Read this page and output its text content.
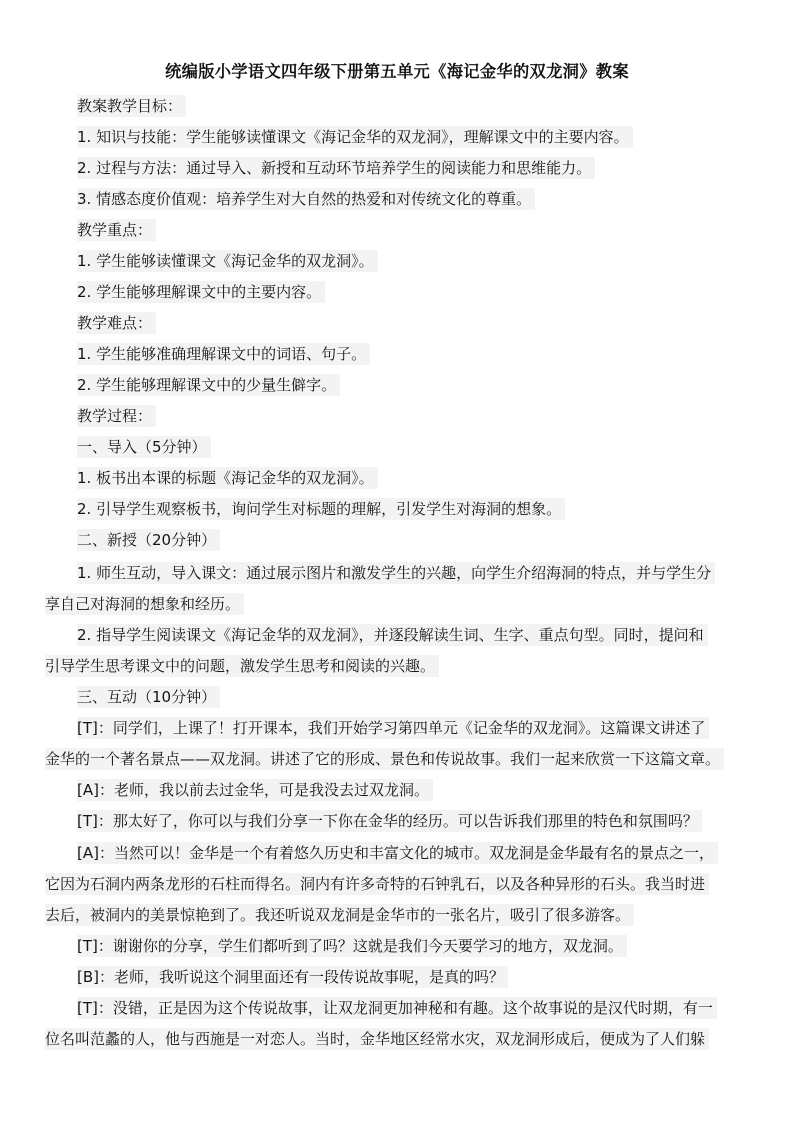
统编版小学语文四年级下册第五单元《海记金华的双龙洞》教案
教案教学目标：
1. 知识与技能：学生能够读懂课文《海记金华的双龙洞》，理解课文中的主要内容。
2. 过程与方法：通过导入、新授和互动环节培养学生的阅读能力和思维能力。
3. 情感态度价值观：培养学生对大自然的热爱和对传统文化的尊重。
教学重点：
1. 学生能够读懂课文《海记金华的双龙洞》。
2. 学生能够理解课文中的主要内容。
教学难点：
1. 学生能够准确理解课文中的词语、句子。
2. 学生能够理解课文中的少量生僻字。
教学过程：
一、导入（5分钟）
1. 板书出本课的标题《海记金华的双龙洞》。
2. 引导学生观察板书，询问学生对标题的理解，引发学生对海洞的想象。
二、新授（20分钟）
1. 师生互动，导入课文：通过展示图片和激发学生的兴趣，向学生介绍海洞的特点，并与学生分
享自己对海洞的想象和经历。
2. 指导学生阅读课文《海记金华的双龙洞》，并逐段解读生词、生字、重点句型。同时，提问和
引导学生思考课文中的问题，激发学生思考和阅读的兴趣。
三、互动（10分钟）
[T]：同学们，上课了！打开课本，我们开始学习第四单元《记金华的双龙洞》。这篇课文讲述了
金华的一个著名景点——双龙洞。讲述了它的形成、景色和传说故事。我们一起来欣赏一下这篇文章。
[A]：老师，我以前去过金华，可是我没去过双龙洞。
[T]：那太好了，你可以与我们分享一下你在金华的经历。可以告诉我们那里的特色和氛围吗？
[A]：当然可以！金华是一个有着悠久历史和丰富文化的城市。双龙洞是金华最有名的景点之一，
它因为石洞内两条龙形的石柱而得名。洞内有许多奇特的石钟乳石，以及各种异形的石头。我当时进
去后，被洞内的美景惊艳到了。我还听说双龙洞是金华市的一张名片，吸引了很多游客。
[T]：谢谢你的分享，学生们都听到了吗？这就是我们今天要学习的地方，双龙洞。
[B]：老师，我听说这个洞里面还有一段传说故事呢，是真的吗？
[T]：没错，正是因为这个传说故事，让双龙洞更加神秘和有趣。这个故事说的是汉代时期，有一
位名叫范蠡的人，他与西施是一对恋人。当时，金华地区经常水灾，双龙洞形成后，便成为了人们躲
